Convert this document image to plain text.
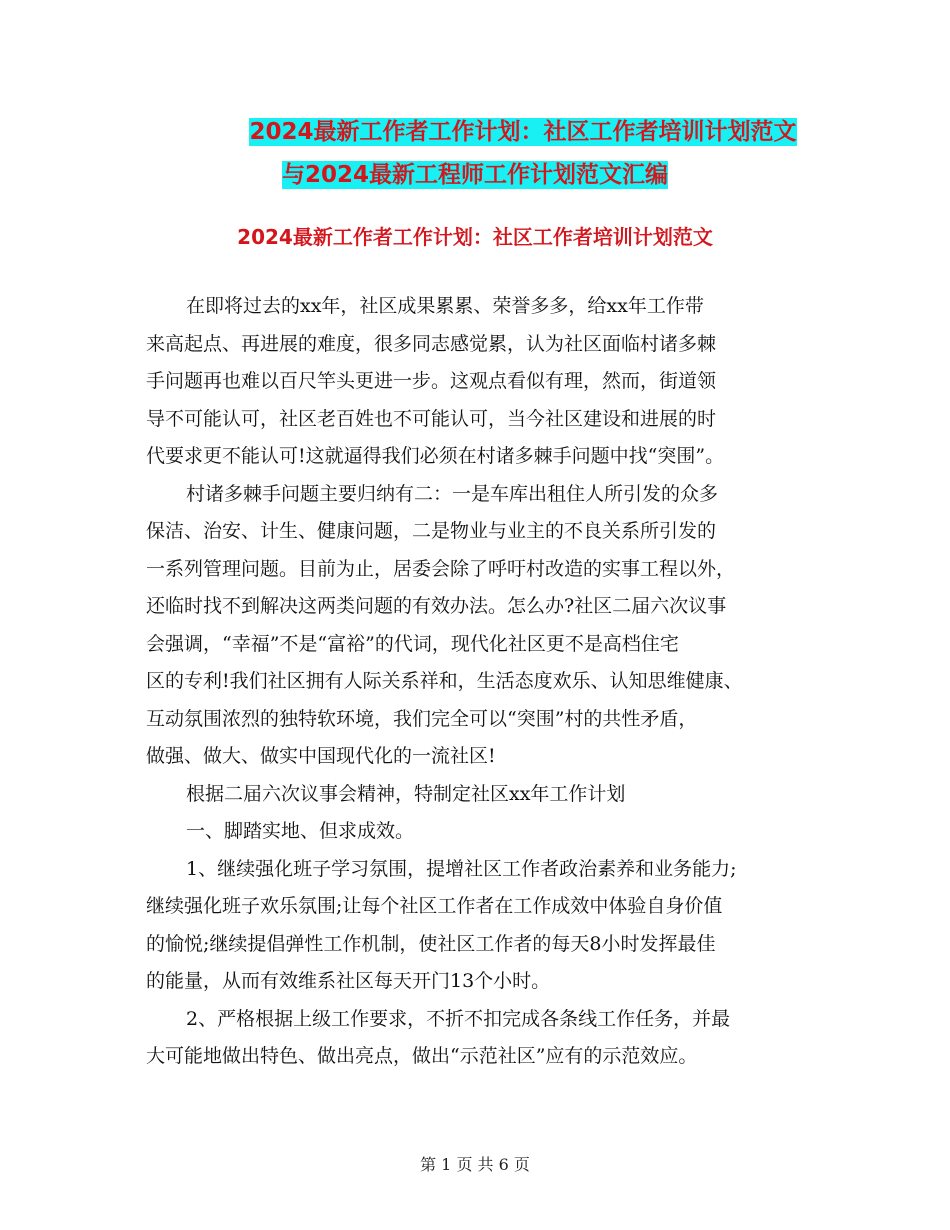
2024最新工作者工作计划：社区工作者培训计划范文
与2024最新工程师工作计划范文汇编
2024最新工作者工作计划：社区工作者培训计划范文
在即将过去的xx年，社区成果累累、荣誉多多，给xx年工作带
来高起点、再进展的难度，很多同志感觉累，认为社区面临村诸多棘
手问题再也难以百尺竿头更进一步。这观点看似有理，然而，街道领
导不可能认可，社区老百姓也不可能认可，当今社区建设和进展的时
代要求更不能认可!这就逼得我们必须在村诸多棘手问题中找“突围”。
村诸多棘手问题主要归纳有二：一是车库出租住人所引发的众多
保洁、治安、计生、健康问题，二是物业与业主的不良关系所引发的
一系列管理问题。目前为止，居委会除了呼吁村改造的实事工程以外，
还临时找不到解决这两类问题的有效办法。怎么办?社区二届六次议事
会强调，“幸福”不是“富裕”的代词，现代化社区更不是高档住宅
区的专利!我们社区拥有人际关系祥和，生活态度欢乐、认知思维健康、
互动氛围浓烈的独特软环境，我们完全可以“突围”村的共性矛盾，
做强、做大、做实中国现代化的一流社区!
根据二届六次议事会精神，特制定社区xx年工作计划
一、脚踏实地、但求成效。
1、继续强化班子学习氛围，提增社区工作者政治素养和业务能力;
继续强化班子欢乐氛围;让每个社区工作者在工作成效中体验自身价值
的愉悦;继续提倡弹性工作机制，使社区工作者的每天8小时发挥最佳
的能量，从而有效维系社区每天开门13个小时。
2、严格根据上级工作要求，不折不扣完成各条线工作任务，并最
大可能地做出特色、做出亮点，做出“示范社区”应有的示范效应。
第 1 页 共 6 页
